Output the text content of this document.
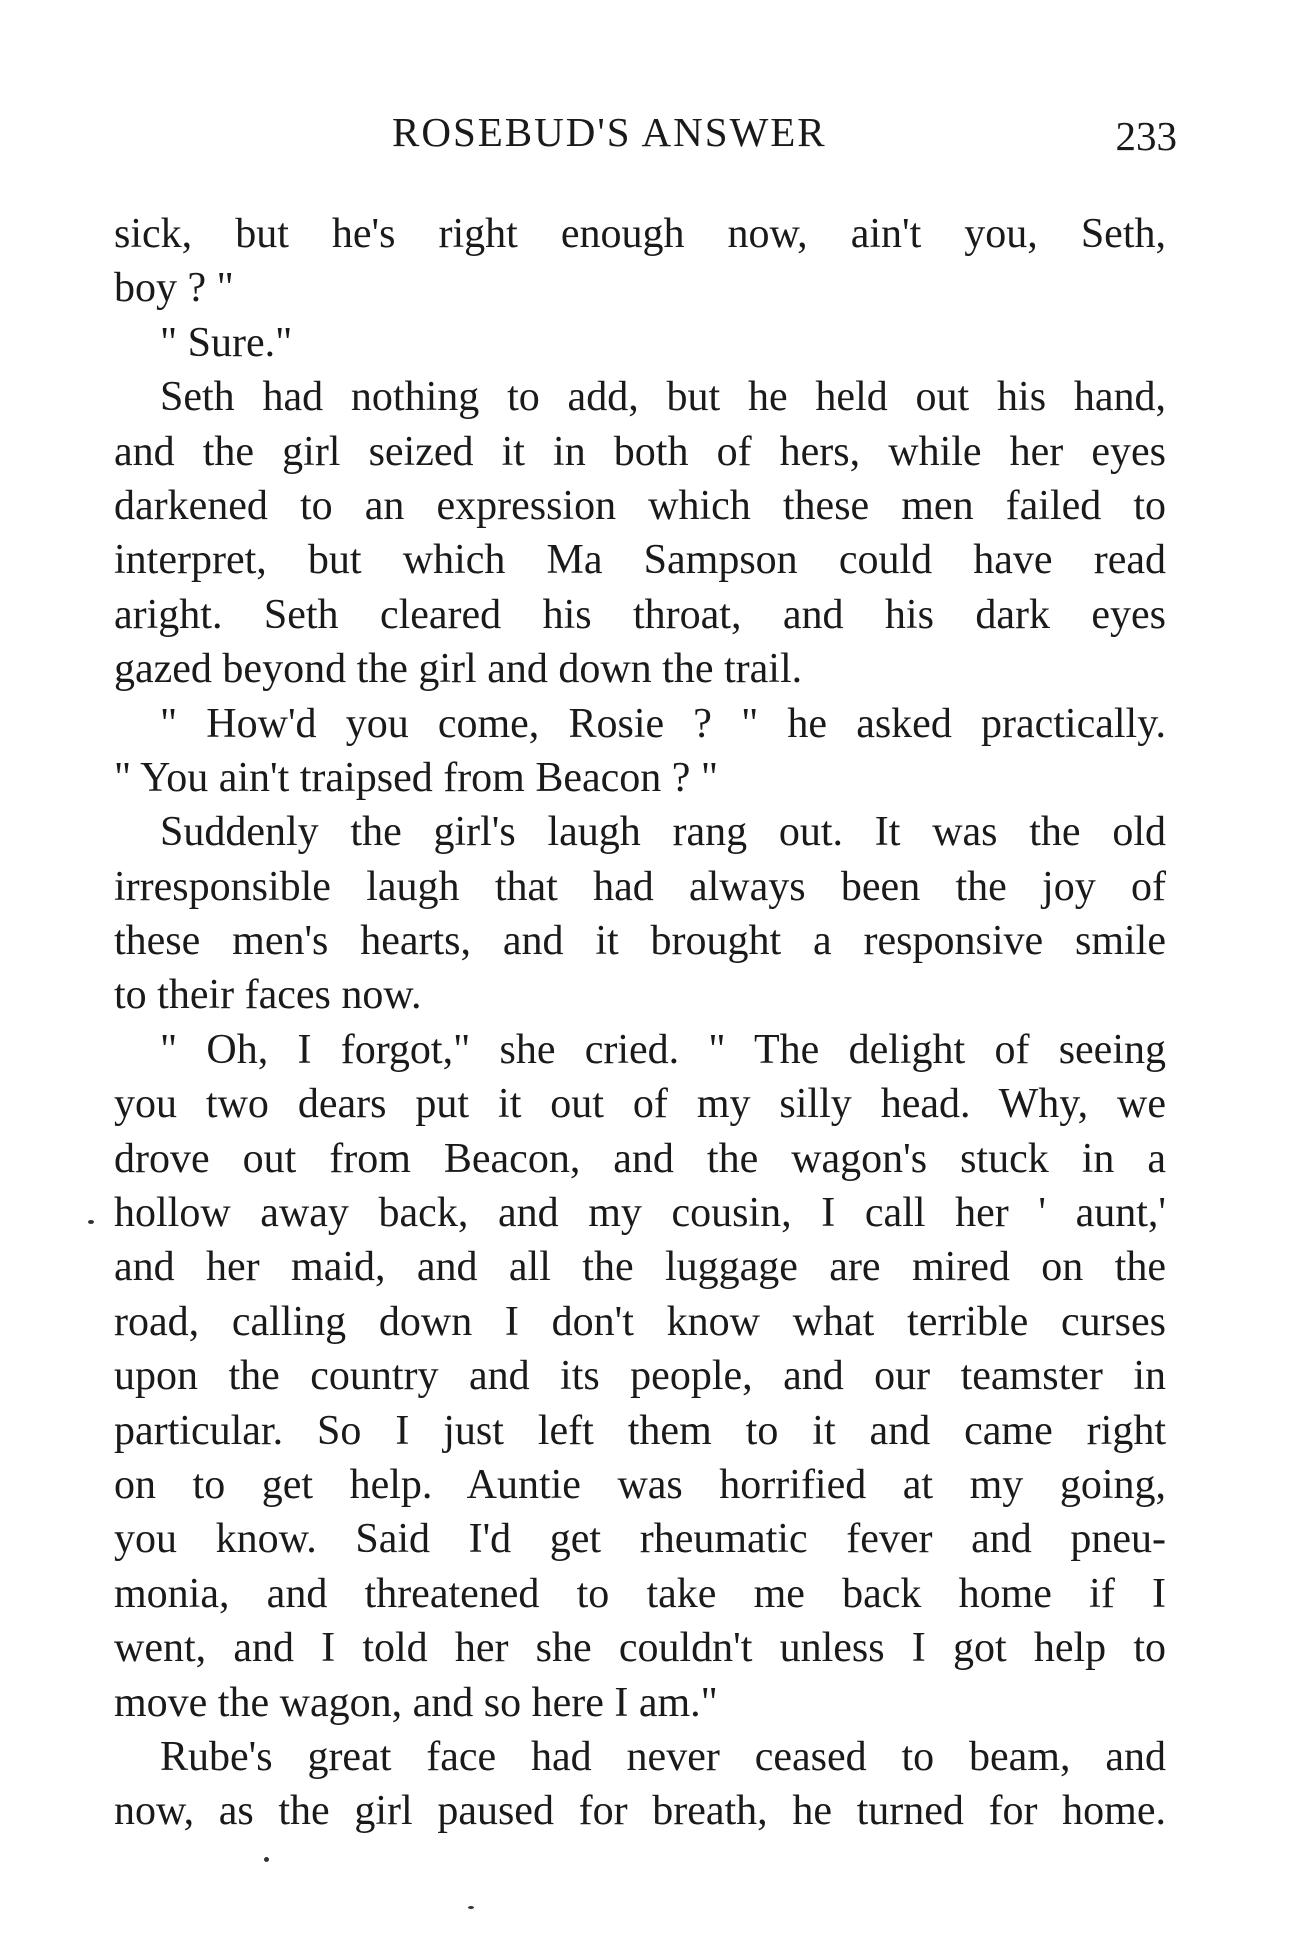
ROSEBUD'S ANSWER	233
sick, but he's right enough now, ain't you, Seth,
boy ? "
" Sure."
Seth had nothing to add, but he held out his hand,
and the girl seized it in both of hers, while her eyes
darkened to an expression which these men failed to
interpret, but which Ma Sampson could have read
aright. Seth cleared his throat, and his dark eyes
gazed beyond the girl and down the trail.
" How'd you come, Rosie ? " he asked practically.
" You ain't traipsed from Beacon ? "
Suddenly the girl's laugh rang out. It was the old
irresponsible laugh that had always been the joy of
these men's hearts, and it brought a responsive smile
to their faces now.
" Oh, I forgot," she cried. " The delight of seeing
you two dears put it out of my silly head. Why, we
drove out from Beacon, and the wagon's stuck in a
hollow away back, and my cousin, I call her ' aunt,'
and her maid, and all the luggage are mired on the
road, calling down I don't know what terrible curses
upon the country and its people, and our teamster in
particular. So I just left them to it and came right
on to get help. Auntie was horrified at my going,
you know. Said I'd get rheumatic fever and pneu-
monia, and threatened to take me back home if I
went, and I told her she couldn't unless I got help to
move the wagon, and so here I am."
Rube's great face had never ceased to beam, and
now, as the girl paused for breath, he turned for home.
